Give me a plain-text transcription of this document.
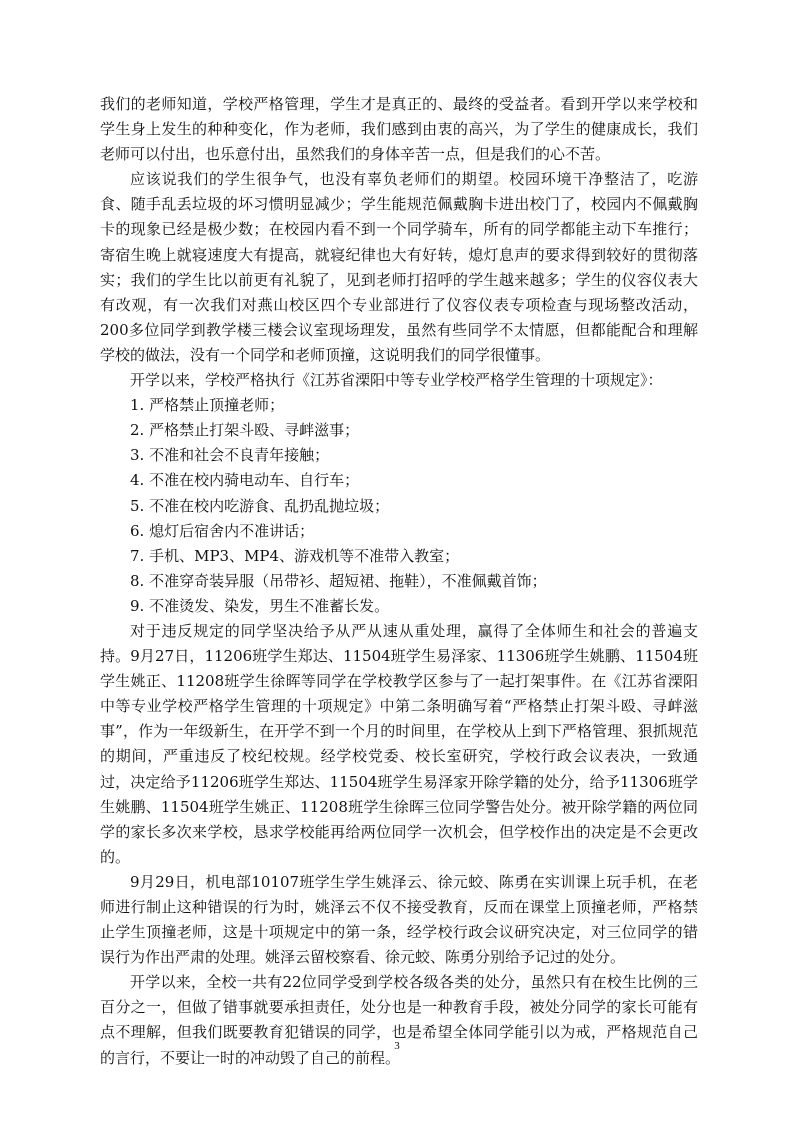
我们的老师知道，学校严格管理，学生才是真正的、最终的受益者。看到开学以来学校和学生身上发生的种种变化，作为老师，我们感到由衷的高兴，为了学生的健康成长，我们老师可以付出，也乐意付出，虽然我们的身体辛苦一点，但是我们的心不苦。

应该说我们的学生很争气，也没有辜负老师们的期望。校园环境干净整洁了，吃游食、随手乱丢垃圾的坏习惯明显减少；学生能规范佩戴胸卡进出校门了，校园内不佩戴胸卡的现象已经是极少数；在校园内看不到一个同学骑车，所有的同学都能主动下车推行；寄宿生晚上就寝速度大有提高，就寝纪律也大有好转，熄灯息声的要求得到较好的贯彻落实；我们的学生比以前更有礼貌了，见到老师打招呼的学生越来越多；学生的仪容仪表大有改观，有一次我们对燕山校区四个专业部进行了仪容仪表专项检查与现场整改活动，200多位同学到教学楼三楼会议室现场理发，虽然有些同学不太情愿，但都能配合和理解学校的做法，没有一个同学和老师顶撞，这说明我们的同学很懂事。

开学以来，学校严格执行《江苏省溧阳中等专业学校严格学生管理的十项规定》：

1. 严格禁止顶撞老师；
2. 严格禁止打架斗殴、寻衅滋事；
3. 不准和社会不良青年接触；
4. 不准在校内骑电动车、自行车；
5. 不准在校内吃游食、乱扔乱抛垃圾；
6. 熄灯后宿舍内不准讲话；
7. 手机、MP3、MP4、游戏机等不准带入教室；
8. 不准穿奇装异服（吊带衫、超短裙、拖鞋），不准佩戴首饰；
9. 不准烫发、染发，男生不准蓄长发。

对于违反规定的同学坚决给予从严从速从重处理，赢得了全体师生和社会的普遍支持。9月27日，11206班学生郑达、11504班学生易泽家、11306班学生姚鹏、11504班学生姚正、11208班学生徐晖等同学在学校教学区参与了一起打架事件。在《江苏省溧阳中等专业学校严格学生管理的十项规定》中第二条明确写着“严格禁止打架斗殴、寻衅滋事”，作为一年级新生，在开学不到一个月的时间里，在学校从上到下严格管理、狠抓规范的期间，严重违反了校纪校规。经学校党委、校长室研究，学校行政会议表决，一致通过，决定给予11206班学生郑达、11504班学生易泽家开除学籍的处分，给予11306班学生姚鹏、11504班学生姚正、11208班学生徐晖三位同学警告处分。被开除学籍的两位同学的家长多次来学校，恳求学校能再给两位同学一次机会，但学校作出的决定是不会更改的。

9月29日，机电部10107班学生学生姚泽云、徐元蛟、陈勇在实训课上玩手机，在老师进行制止这种错误的行为时，姚泽云不仅不接受教育，反而在课堂上顶撞老师，严格禁止学生顶撞老师，这是十项规定中的第一条，经学校行政会议研究决定，对三位同学的错误行为作出严肃的处理。姚泽云留校察看、徐元蛟、陈勇分别给予记过的处分。

开学以来，全校一共有22位同学受到学校各级各类的处分，虽然只有在校生比例的三百分之一，但做了错事就要承担责任，处分也是一种教育手段，被处分同学的家长可能有点不理解，但我们既要教育犯错误的同学，也是希望全体同学能引以为戒，严格规范自己的言行，不要让一时的冲动毁了自己的前程。

3
